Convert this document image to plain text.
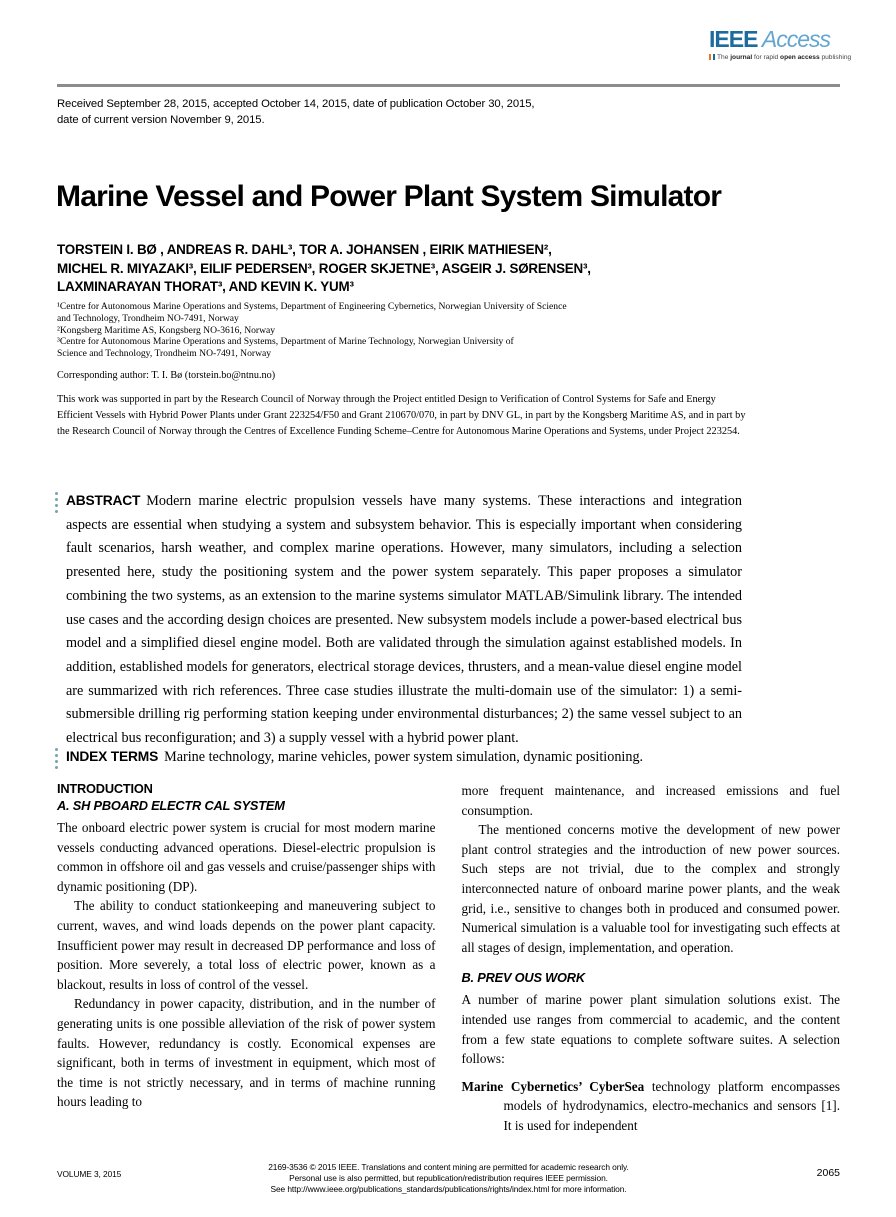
IEEE Access
The journal for rapid open access publishing
Received September 28, 2015, accepted October 14, 2015, date of publication October 30, 2015,
date of current version November 9, 2015.
Marine Vessel and Power Plant System Simulator
TORSTEIN I. BØ , ANDREAS R. DAHL³, TOR A. JOHANSEN , EIRIK MATHIESEN²,
MICHEL R. MIYAZAKI³, EILIF PEDERSEN³, ROGER SKJETNE³, ASGEIR J. SØRENSEN³,
LAXMINARAYAN THORAT³, AND KEVIN K. YUM³
¹Centre for Autonomous Marine Operations and Systems, Department of Engineering Cybernetics, Norwegian University of Science
and Technology, Trondheim NO-7491, Norway
²Kongsberg Maritime AS, Kongsberg NO-3616, Norway
³Centre for Autonomous Marine Operations and Systems, Department of Marine Technology, Norwegian University of
Science and Technology, Trondheim NO-7491, Norway
Corresponding author: T. I. Bø (torstein.bo@ntnu.no)
This work was supported in part by the Research Council of Norway through the Project entitled Design to Verification of Control Systems for Safe and Energy Efficient Vessels with Hybrid Power Plants under Grant 223254/F50 and Grant 210670/070, in part by DNV GL, in part by the Kongsberg Maritime AS, and in part by the Research Council of Norway through the Centres of Excellence Funding Scheme–Centre for Autonomous Marine Operations and Systems, under Project 223254.
ABSTRACT Modern marine electric propulsion vessels have many systems. These interactions and integration aspects are essential when studying a system and subsystem behavior. This is especially important when considering fault scenarios, harsh weather, and complex marine operations. However, many simulators, including a selection presented here, study the positioning system and the power system separately. This paper proposes a simulator combining the two systems, as an extension to the marine systems simulator MATLAB/Simulink library. The intended use cases and the according design choices are presented. New subsystem models include a power-based electrical bus model and a simplified diesel engine model. Both are validated through the simulation against established models. In addition, established models for generators, electrical storage devices, thrusters, and a mean-value diesel engine model are summarized with rich references. Three case studies illustrate the multi-domain use of the simulator: 1) a semi-submersible drilling rig performing station keeping under environmental disturbances; 2) the same vessel subject to an electrical bus reconfiguration; and 3) a supply vessel with a hybrid power plant.
INDEX TERMS Marine technology, marine vehicles, power system simulation, dynamic positioning.
INTRODUCTION
A. SH PBOARD ELECTR CAL SYSTEM

The onboard electric power system is crucial for most modern marine vessels conducting advanced operations. Diesel-electric propulsion is common in offshore oil and gas vessels and cruise/passenger ships with dynamic positioning (DP).

The ability to conduct stationkeeping and maneuvering subject to current, waves, and wind loads depends on the power plant capacity. Insufficient power may result in decreased DP performance and loss of position. More severely, a total loss of electric power, known as a blackout, results in loss of control of the vessel.

Redundancy in power capacity, distribution, and in the number of generating units is one possible alleviation of the risk of power system faults. However, redundancy is costly. Economical expenses are significant, both in terms of investment in equipment, which most of the time is not strictly necessary, and in terms of machine running hours leading to

more frequent maintenance, and increased emissions and fuel consumption.

The mentioned concerns motive the development of new power plant control strategies and the introduction of new power sources. Such steps are not trivial, due to the complex and strongly interconnected nature of onboard marine power plants, and the weak grid, i.e., sensitive to changes both in produced and consumed power. Numerical simulation is a valuable tool for investigating such effects at all stages of design, implementation, and operation.

B. PREV OUS WORK

A number of marine power plant simulation solutions exist. The intended use ranges from commercial to academic, and the content from a few state equations to complete software suites. A selection follows:

Marine Cybernetics’ CyberSea technology platform encompasses models of hydrodynamics, electro-mechanics and sensors [1]. It is used for independent

VOLUME 3, 2015
2169-3536 © 2015 IEEE. Translations and content mining are permitted for academic research only.
Personal use is also permitted, but republication/redistribution requires IEEE permission.
See http://www.ieee.org/publications_standards/publications/rights/index.html for more information.
2065
